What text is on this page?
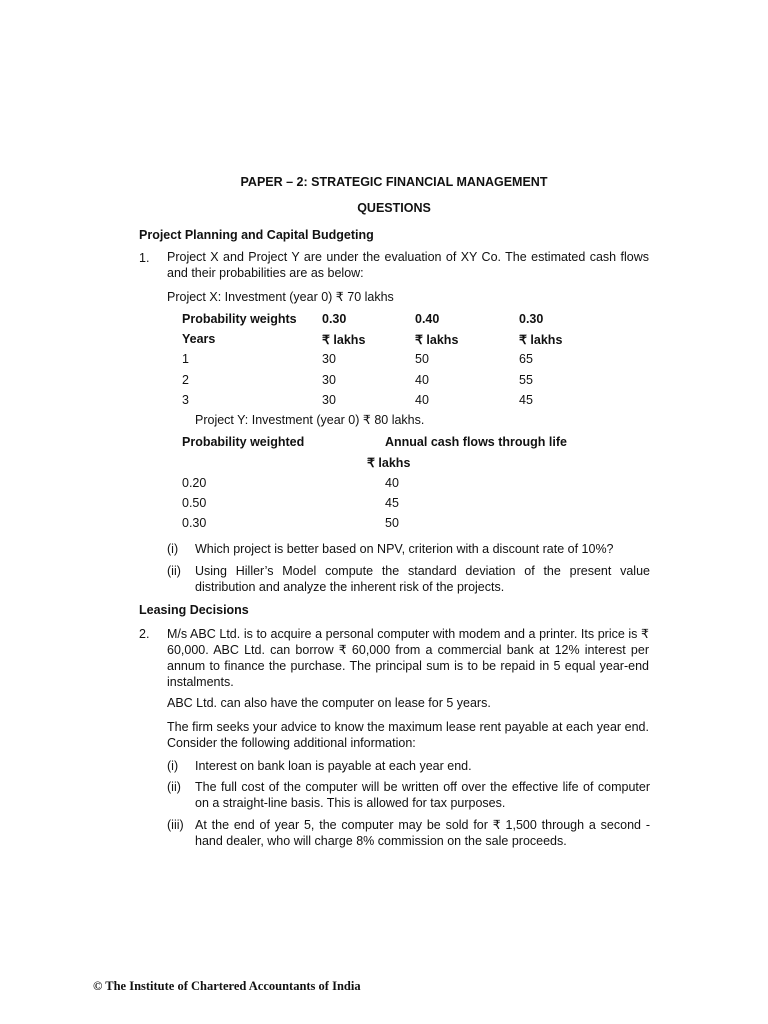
PAPER – 2: STRATEGIC FINANCIAL MANAGEMENT
QUESTIONS
Project Planning and Capital Budgeting
1. Project X and Project Y are under the evaluation of XY Co. The estimated cash flows and their probabilities are as below:
Project X: Investment (year 0) ₹ 70 lakhs
Probability weights 0.30	0.40	0.30
Years	₹ lakhs	₹ lakhs	₹ lakhs
1	30	50	65
2	30	40	55
3	30	40	45
Project Y: Investment (year 0) ₹ 80 lakhs.
Probability weighted	Annual cash flows through life
₹ lakhs
0.20	40
0.50	45
0.30	50
(i) Which project is better based on NPV, criterion with a discount rate of 10%?
(ii) Using Hiller’s Model compute the standard deviation of the present value distribution and analyze the inherent risk of the projects.
Leasing Decisions
2. M/s ABC Ltd. is to acquire a personal computer with modem and a printer. Its price is ₹ 60,000. ABC Ltd. can borrow ₹ 60,000 from a commercial bank at 12% interest per annum to finance the purchase. The principal sum is to be repaid in 5 equal year-end instalments.
ABC Ltd. can also have the computer on lease for 5 years.
The firm seeks your advice to know the maximum lease rent payable at each year end. Consider the following additional information:
(i) Interest on bank loan is payable at each year end.
(ii) The full cost of the computer will be written off over the effective life of computer on a straight-line basis. This is allowed for tax purposes.
(iii) At the end of year 5, the computer may be sold for ₹ 1,500 through a second -hand dealer, who will charge 8% commission on the sale proceeds.
© The Institute of Chartered Accountants of India
